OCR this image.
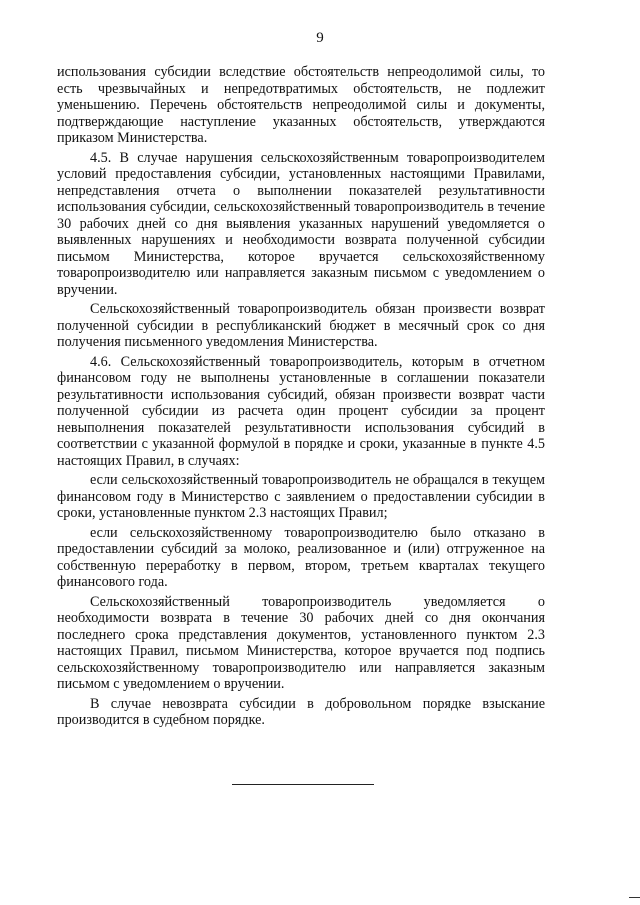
9

использования субсидии вследствие обстоятельств непреодолимой силы, то есть чрезвычайных и непредотвратимых обстоятельств, не подлежит уменьшению. Перечень обстоятельств непреодолимой силы и документы, подтверждающие наступление указанных обстоятельств, утверждаются приказом Министерства.

4.5. В случае нарушения сельскохозяйственным товаропроизводителем условий предоставления субсидии, установленных настоящими Правилами, непредставления отчета о выполнении показателей результативности использования субсидии, сельскохозяйственный товаропроизводитель в течение 30 рабочих дней со дня выявления указанных нарушений уведомляется о выявленных нарушениях и необходимости возврата полученной субсидии письмом Министерства, которое вручается сельскохозяйственному товаропроизводителю или направляется заказным письмом с уведомлением о вручении.

Сельскохозяйственный товаропроизводитель обязан произвести возврат полученной субсидии в республиканский бюджет в месячный срок со дня получения письменного уведомления Министерства.

4.6. Сельскохозяйственный товаропроизводитель, которым в отчетном финансовом году не выполнены установленные в соглашении показатели результативности использования субсидий, обязан произвести возврат части полученной субсидии из расчета один процент субсидии за процент невыполнения показателей результативности использования субсидий в соответствии с указанной формулой в порядке и сроки, указанные в пункте 4.5 настоящих Правил, в случаях:

если сельскохозяйственный товаропроизводитель не обращался в текущем финансовом году в Министерство с заявлением о предоставлении субсидии в сроки, установленные пунктом 2.3 настоящих Правил;

если сельскохозяйственному товаропроизводителю было отказано в предоставлении субсидий за молоко, реализованное и (или) отгруженное на собственную переработку в первом, втором, третьем кварталах текущего финансового года.

Сельскохозяйственный товаропроизводитель уведомляется о необходимости возврата в течение 30 рабочих дней со дня окончания последнего срока представления документов, установленного пунктом 2.3 настоящих Правил, письмом Министерства, которое вручается под подпись сельскохозяйственному товаропроизводителю или направляется заказным письмом с уведомлением о вручении.

В случае невозврата субсидии в добровольном порядке взыскание производится в судебном порядке.
